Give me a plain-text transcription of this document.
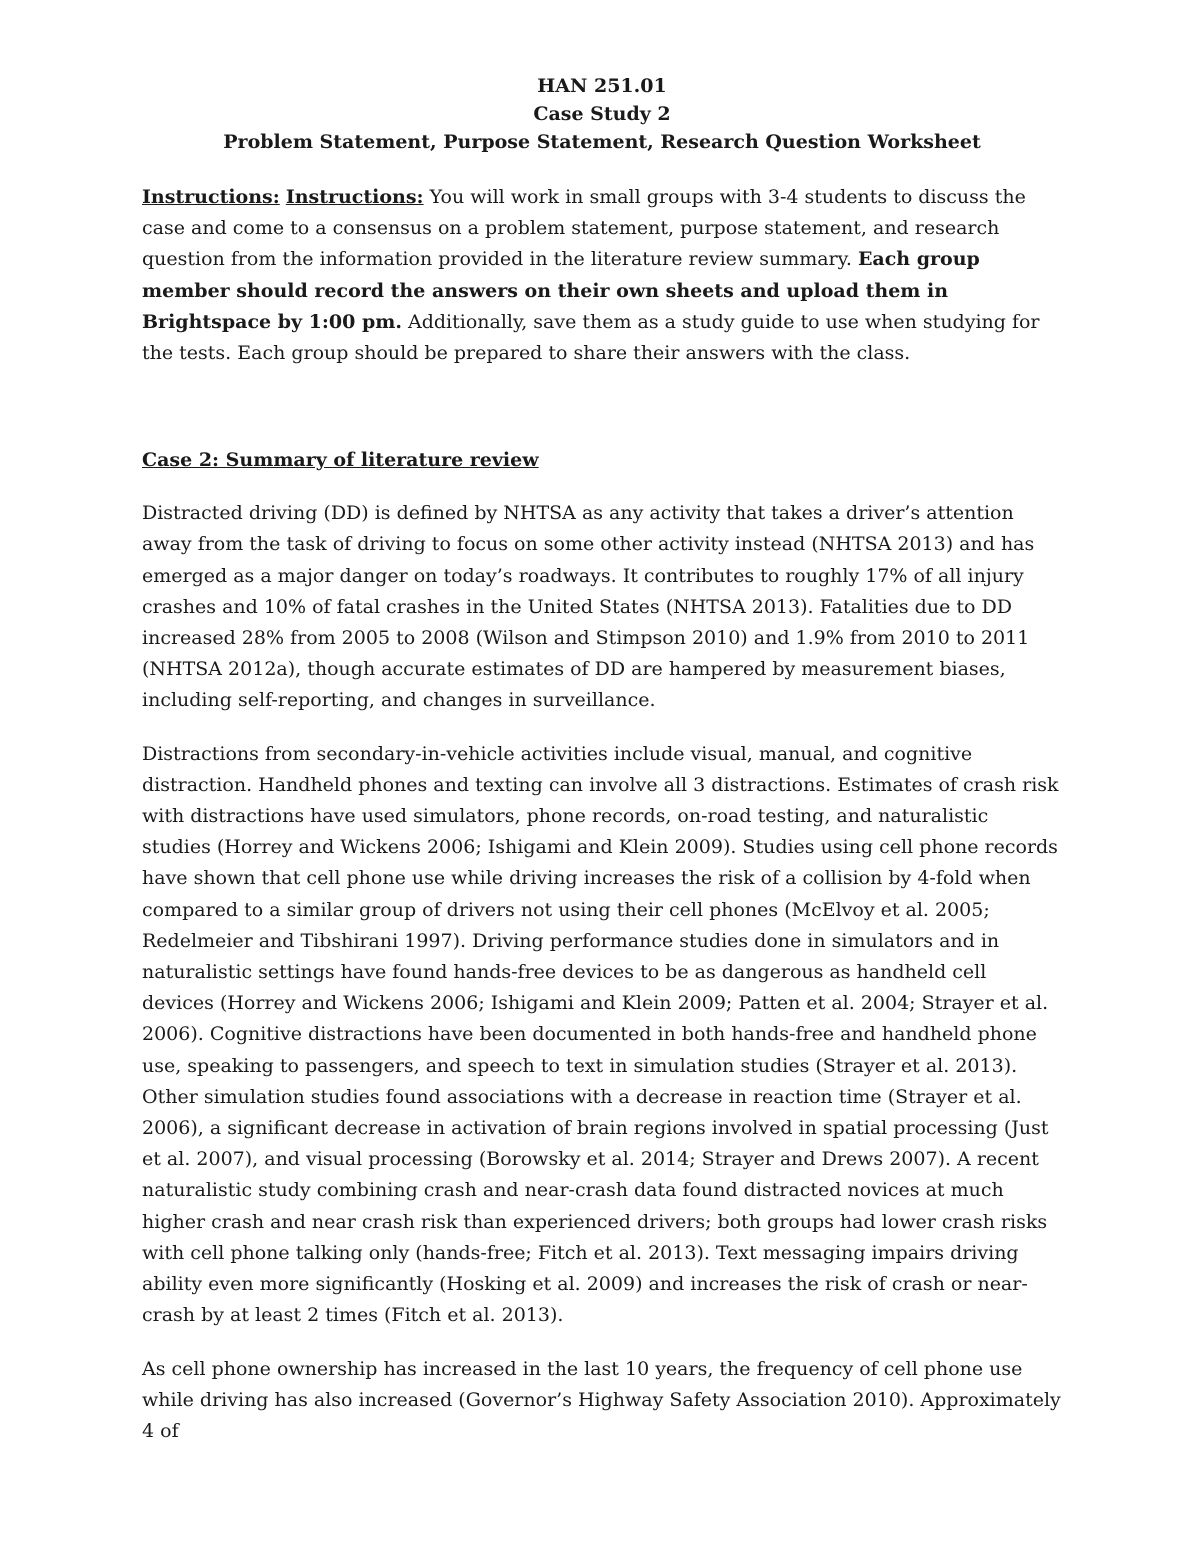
HAN 251.01
Case Study 2
Problem Statement, Purpose Statement, Research Question Worksheet

Instructions: Instructions: You will work in small groups with 3-4 students to discuss the case and come to a consensus on a problem statement, purpose statement, and research question from the information provided in the literature review summary. Each group member should record the answers on their own sheets and upload them in Brightspace by 1:00 pm. Additionally, save them as a study guide to use when studying for the tests. Each group should be prepared to share their answers with the class.

Case 2: Summary of literature review

Distracted driving (DD) is defined by NHTSA as any activity that takes a driver’s attention away from the task of driving to focus on some other activity instead (NHTSA 2013) and has emerged as a major danger on today’s roadways. It contributes to roughly 17% of all injury crashes and 10% of fatal crashes in the United States (NHTSA 2013). Fatalities due to DD increased 28% from 2005 to 2008 (Wilson and Stimpson 2010) and 1.9% from 2010 to 2011 (NHTSA 2012a), though accurate estimates of DD are hampered by measurement biases, including self-reporting, and changes in surveillance.

Distractions from secondary-in-vehicle activities include visual, manual, and cognitive distraction. Handheld phones and texting can involve all 3 distractions. Estimates of crash risk with distractions have used simulators, phone records, on-road testing, and naturalistic studies (Horrey and Wickens 2006; Ishigami and Klein 2009). Studies using cell phone records have shown that cell phone use while driving increases the risk of a collision by 4-fold when compared to a similar group of drivers not using their cell phones (McElvoy et al. 2005; Redelmeier and Tibshirani 1997). Driving performance studies done in simulators and in naturalistic settings have found hands-free devices to be as dangerous as handheld cell devices (Horrey and Wickens 2006; Ishigami and Klein 2009; Patten et al. 2004; Strayer et al. 2006). Cognitive distractions have been documented in both hands-free and handheld phone use, speaking to passengers, and speech to text in simulation studies (Strayer et al. 2013). Other simulation studies found associations with a decrease in reaction time (Strayer et al. 2006), a significant decrease in activation of brain regions involved in spatial processing (Just et al. 2007), and visual processing (Borowsky et al. 2014; Strayer and Drews 2007). A recent naturalistic study combining crash and near-crash data found distracted novices at much higher crash and near crash risk than experienced drivers; both groups had lower crash risks with cell phone talking only (hands-free; Fitch et al. 2013). Text messaging impairs driving ability even more significantly (Hosking et al. 2009) and increases the risk of crash or near-crash by at least 2 times (Fitch et al. 2013).

As cell phone ownership has increased in the last 10 years, the frequency of cell phone use while driving has also increased (Governor’s Highway Safety Association 2010). Approximately 4 of
